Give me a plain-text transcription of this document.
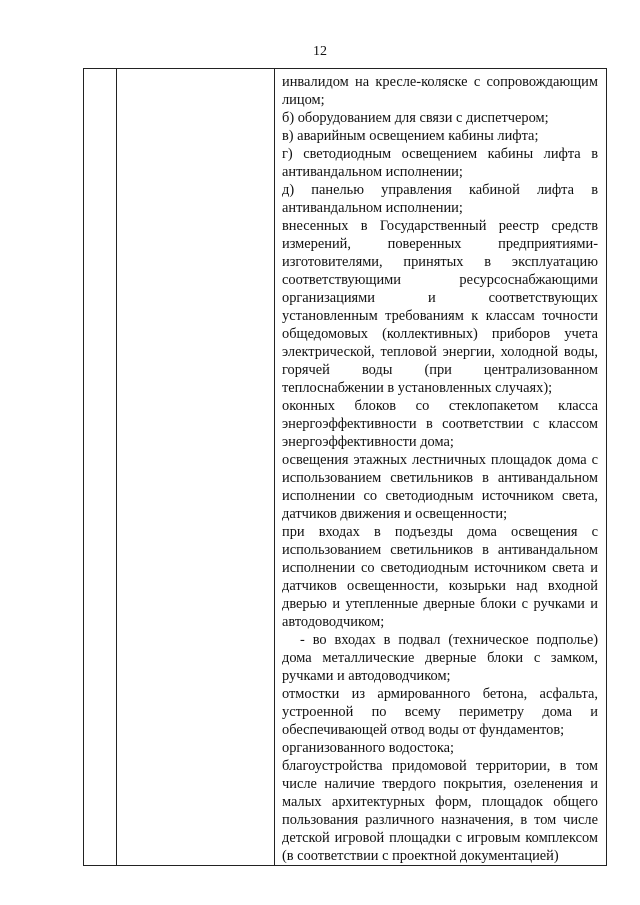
12

инвалидом на кресле-коляске с сопровождающим лицом;

б) оборудованием для связи с диспетчером;

в) аварийным освещением кабины лифта;

г) светодиодным освещением кабины лифта в антивандальном исполнении;

д) панелью управления кабиной лифта в антивандальном исполнении;

внесенных в Государственный реестр средств измерений, поверенных предприятиями-изготовителями, принятых в эксплуатацию соответствующими ресурсоснабжающими организациями и соответствующих установленным требованиям к классам точности общедомовых (коллективных) приборов учета электрической, тепловой энергии, холодной воды, горячей воды (при централизованном теплоснабжении в установленных случаях);

оконных блоков со стеклопакетом класса энергоэффективности в соответствии с классом энергоэффективности дома;

освещения этажных лестничных площадок дома с использованием светильников в антивандальном исполнении со светодиодным источником света, датчиков движения и освещенности;

при входах в подъезды дома освещения с использованием светильников в антивандальном исполнении со светодиодным источником света и датчиков освещенности, козырьки над входной дверью и утепленные дверные блоки с ручками и автодоводчиком;

- во входах в подвал (техническое подполье) дома металлические дверные блоки с замком, ручками и автодоводчиком;

отмостки из армированного бетона, асфальта, устроенной по всему периметру дома и обеспечивающей отвод воды от фундаментов;

организованного водостока;

благоустройства придомовой территории, в том числе наличие твердого покрытия, озеленения и малых архитектурных форм, площадок общего пользования различного назначения, в том числе детской игровой площадки с игровым комплексом (в соответствии с проектной документацией)
